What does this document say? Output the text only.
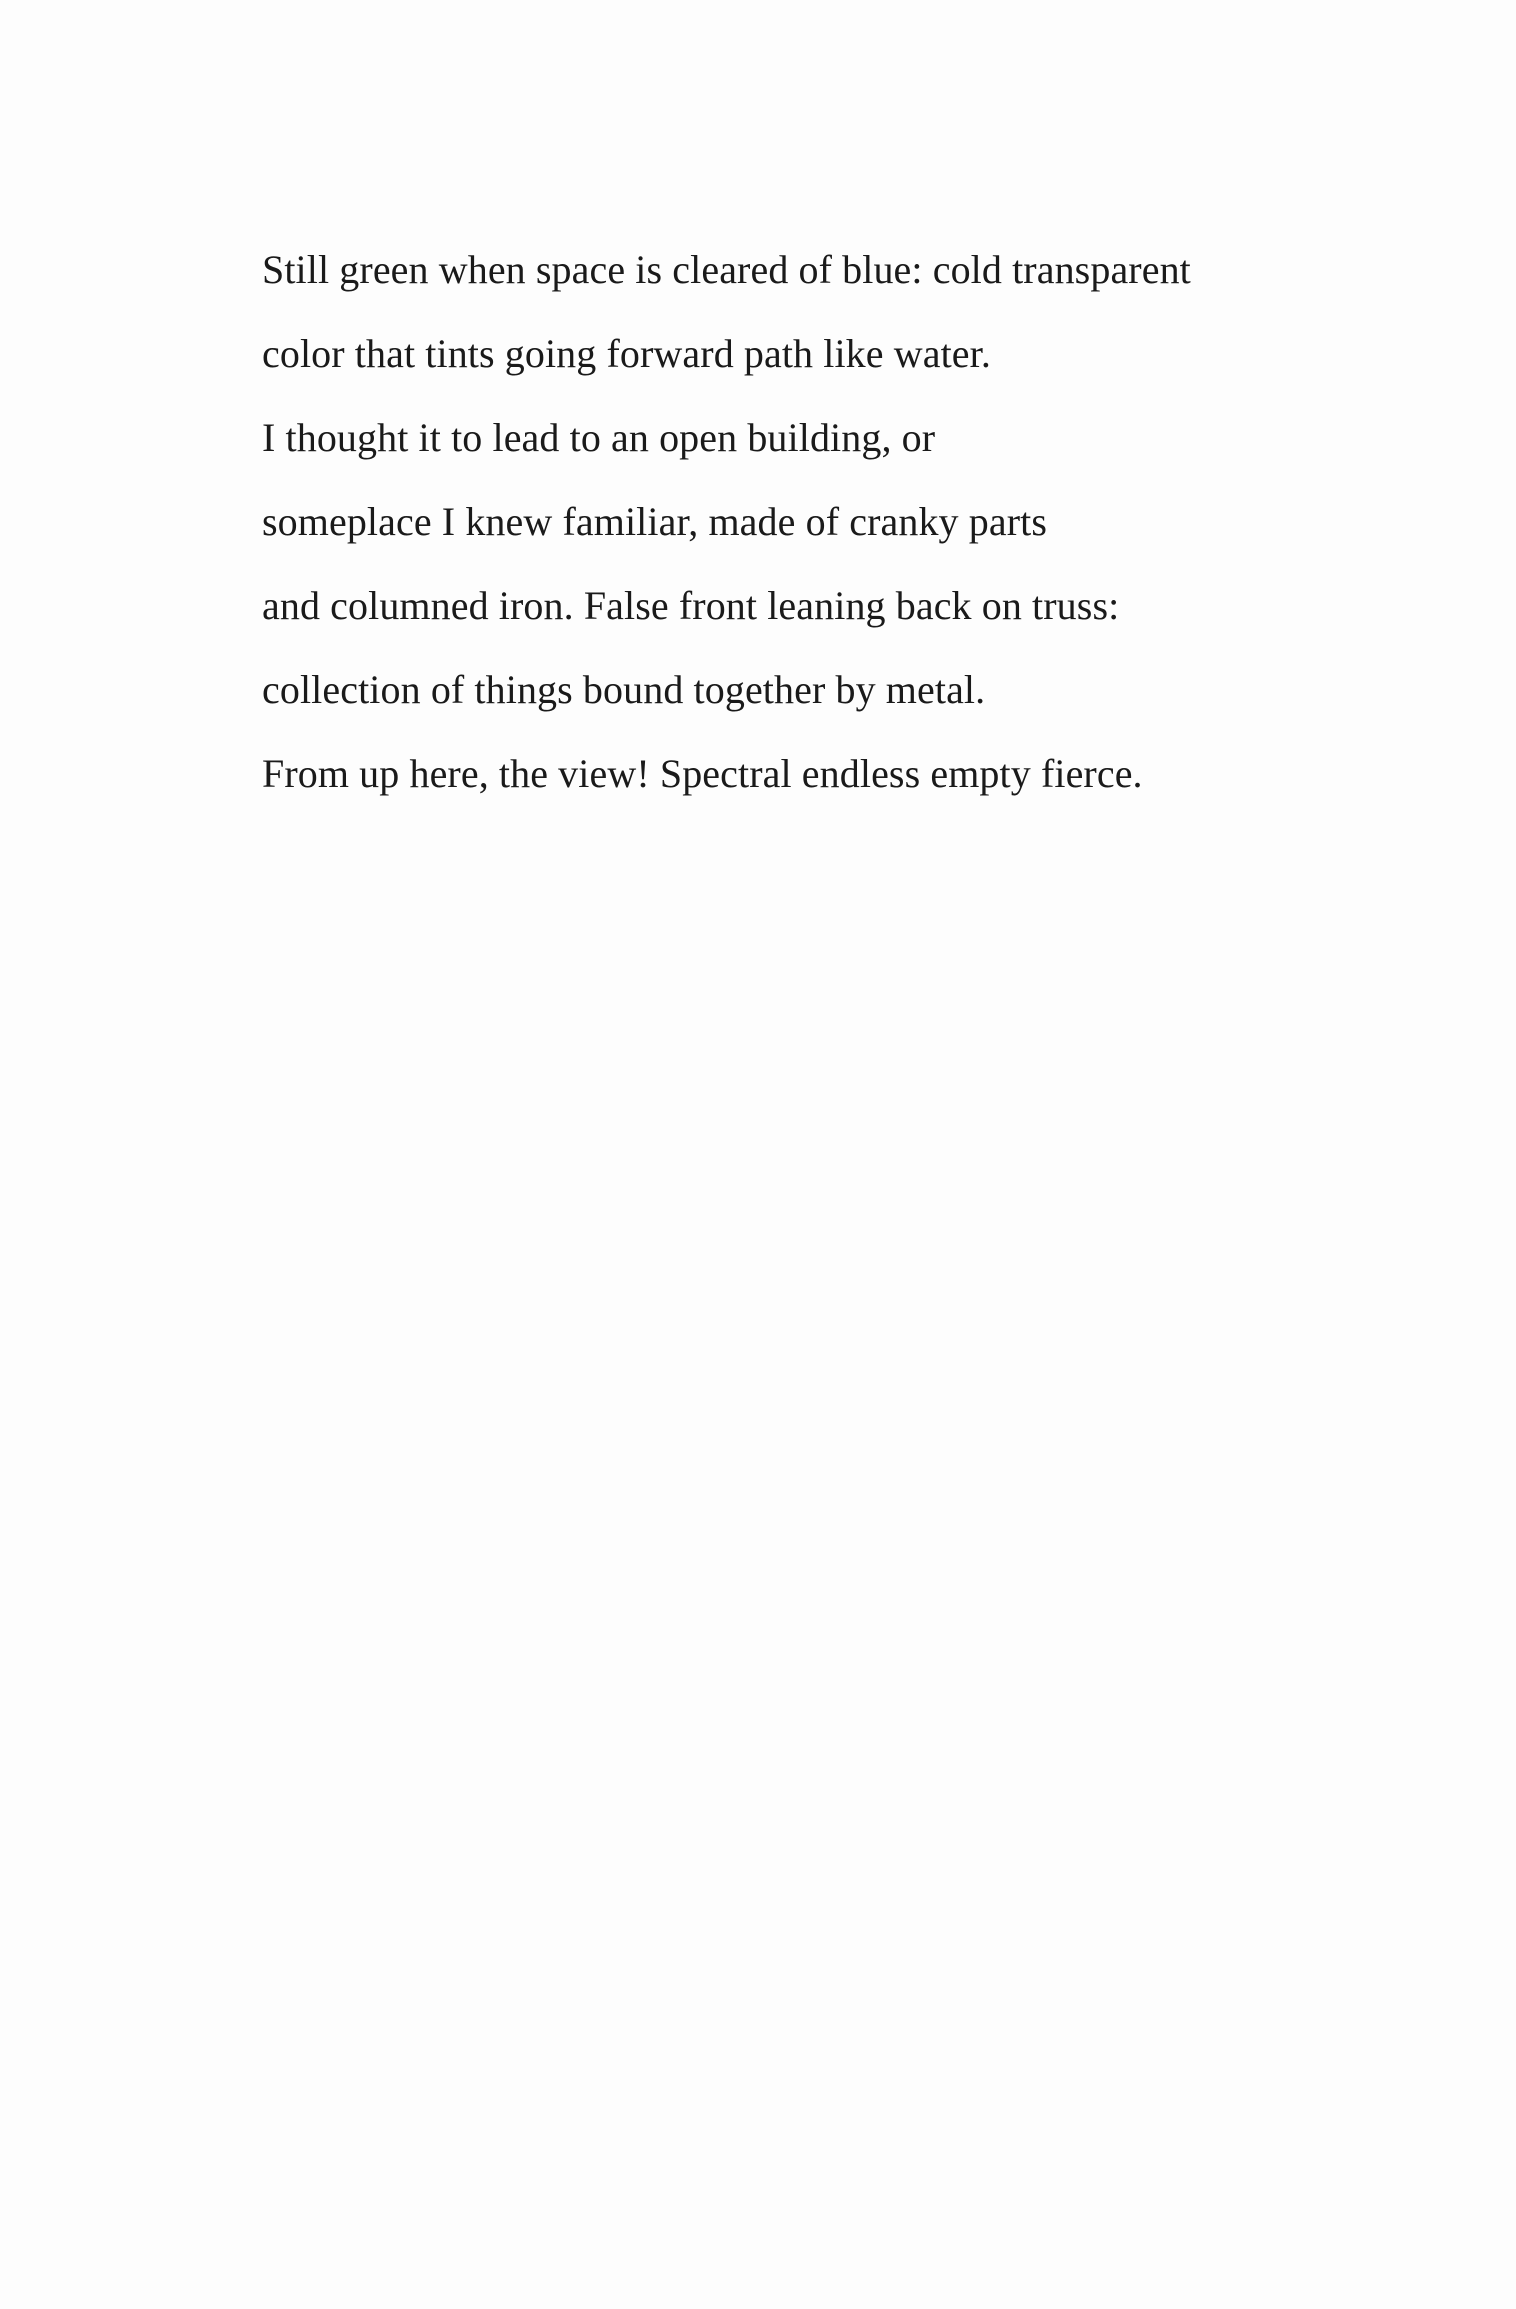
Still green when space is cleared of blue: cold transparent
color that tints going forward path like water.
I thought it to lead to an open building, or
someplace I knew familiar, made of cranky parts
and columned iron. False front leaning back on truss:
collection of things bound together by metal.
From up here, the view! Spectral endless empty fierce.
